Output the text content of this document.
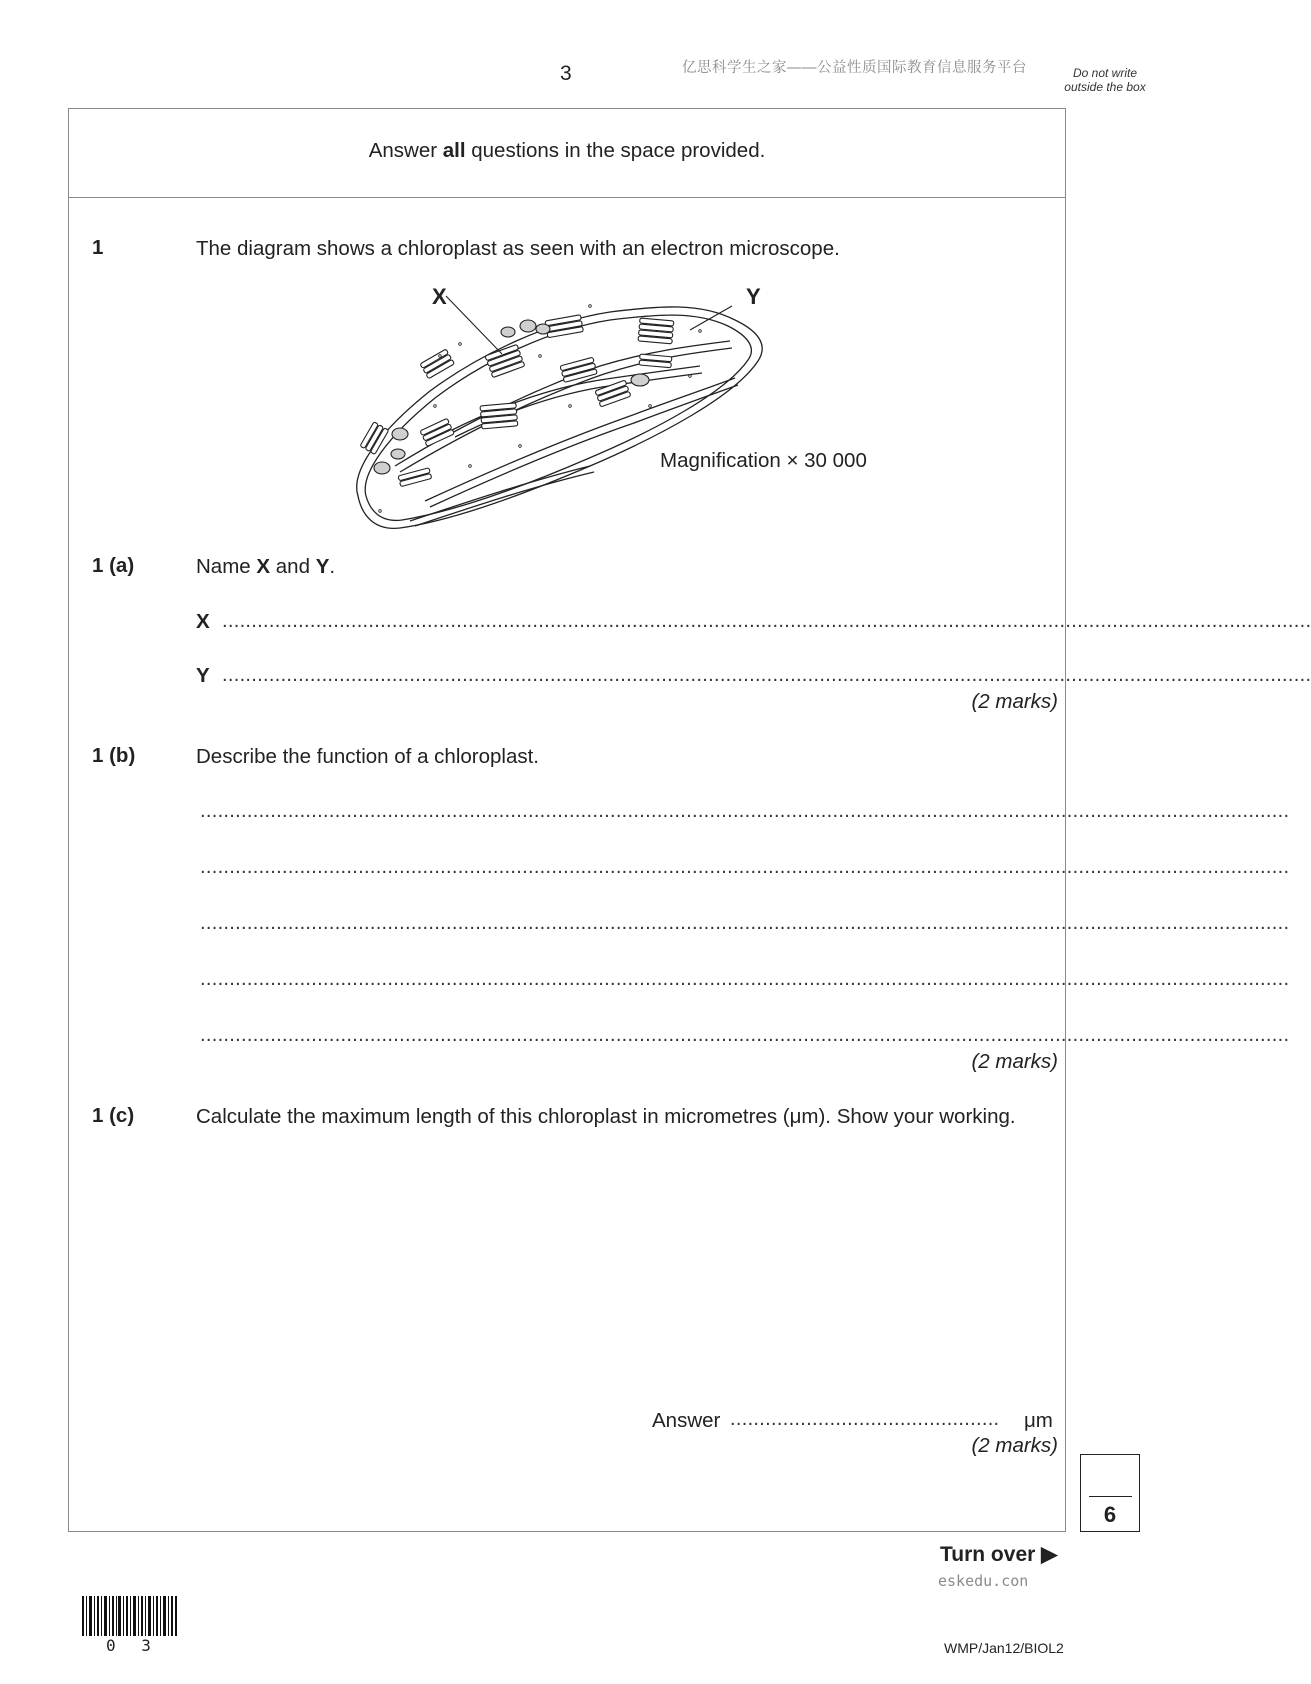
3	亿思科学生之家——公益性质国际教育信息服务平台	Do not write outside the box
Answer all questions in the space provided.
1	The diagram shows a chloroplast as seen with an electron microscope.
X	Y
Magnification × 30 000
1 (a)	Name X and Y.
X ..........................................................................................................................................................................................
Y ..........................................................................................................................................................................................
(2 marks)
1 (b)	Describe the function of a chloroplast.
..........................................................................................................................................................................................
..........................................................................................................................................................................................
..........................................................................................................................................................................................
..........................................................................................................................................................................................
..........................................................................................................................................................................................
(2 marks)
1 (c)	Calculate the maximum length of this chloroplast in micrometres (μm). Show your working.
Answer ..............................................	μm
(2 marks)
6
Turn over ▶
eskedu.con
0 3	WMP/Jan12/BIOL2
